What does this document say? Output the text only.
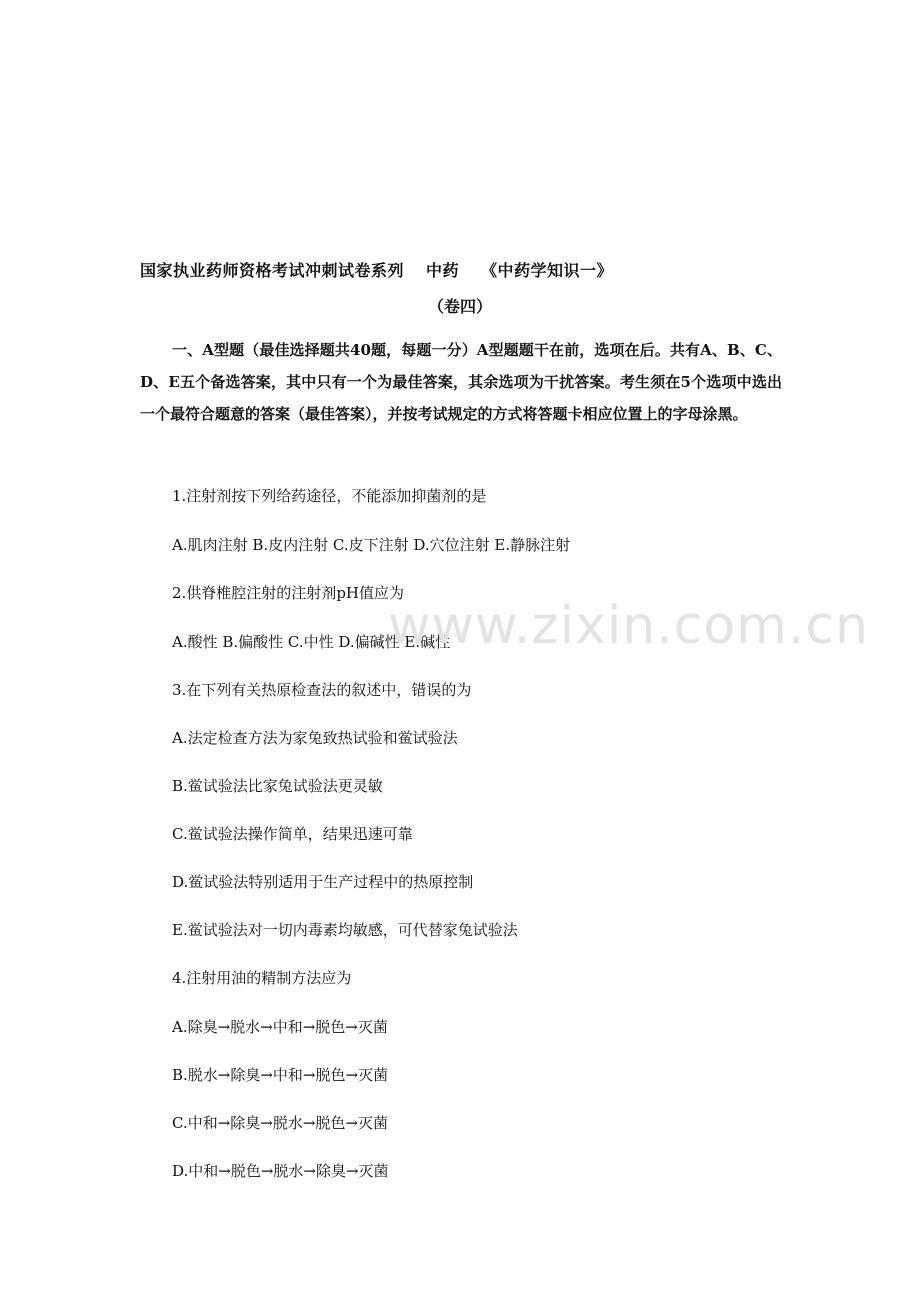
国家执业药师资格考试冲刺试卷系列 中药 《中药学知识一》
（卷四）
一、A型题（最佳选择题共40题，每题一分）A型题题干在前，选项在后。共有A、B、C、D、E五个备选答案，其中只有一个为最佳答案，其余选项为干扰答案。考生须在5个选项中选出一个最符合题意的答案（最佳答案），并按考试规定的方式将答题卡相应位置上的字母涂黑。
1.注射剂按下列给药途径，不能添加抑菌剂的是
A.肌肉注射 B.皮内注射 C.皮下注射 D.穴位注射 E.静脉注射
2.供脊椎腔注射的注射剂pH值应为
A.酸性 B.偏酸性 C.中性 D.偏碱性 E.碱性
3.在下列有关热原检查法的叙述中，错误的为
A.法定检查方法为家兔致热试验和鲎试验法
B.鲎试验法比家兔试验法更灵敏
C.鲎试验法操作简单，结果迅速可靠
D.鲎试验法特别适用于生产过程中的热原控制
E.鲎试验法对一切内毒素均敏感，可代替家兔试验法
4.注射用油的精制方法应为
A.除臭→脱水→中和→脱色→灭菌
B.脱水→除臭→中和→脱色→灭菌
C.中和→除臭→脱水→脱色→灭菌
D.中和→脱色→脱水→除臭→灭菌
www.zixin.com.cn
